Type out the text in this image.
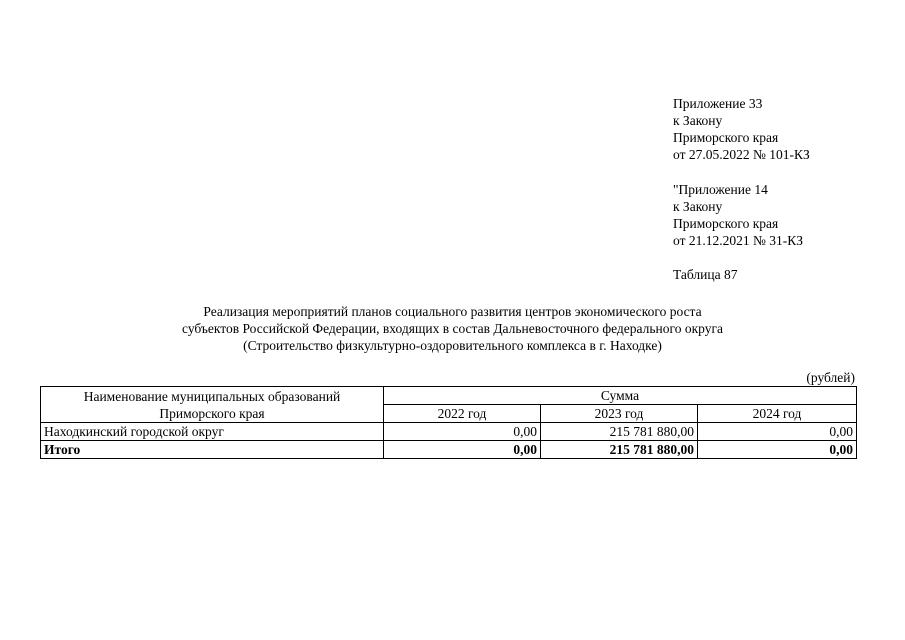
Приложение 33
к Закону
Приморского края
от 27.05.2022 № 101-КЗ
"Приложение 14
к Закону
Приморского края
от 21.12.2021 № 31-КЗ
Таблица 87
Реализация мероприятий планов социального развития центров экономического роста
субъектов Российской Федерации, входящих в состав Дальневосточного федерального округа
(Строительство физкультурно-оздоровительного комплекса в г. Находке)
(рублей)
Наименование муниципальных образований
Приморского края	Сумма		
	2022 год	2023 год	2024 год
Находкинский городской округ	0,00	215 781 880,00	0,00
Итого	0,00	215 781 880,00	0,00
